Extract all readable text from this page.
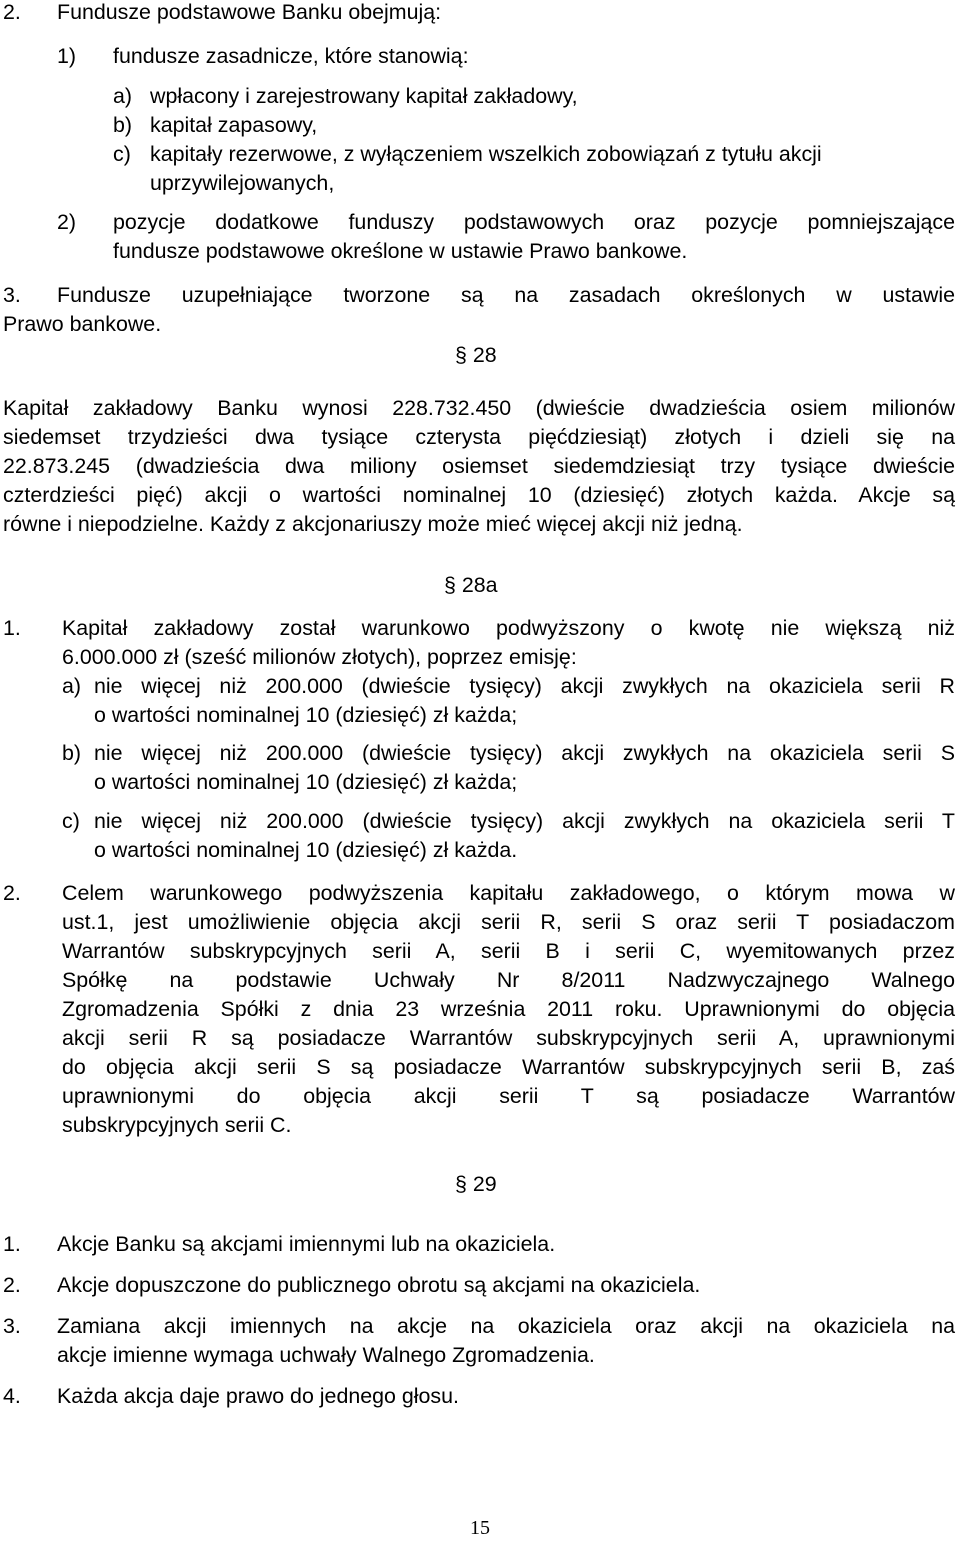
2. Fundusze podstawowe Banku obejmują:
1) fundusze zasadnicze, które stanowią:
a) wpłacony i zarejestrowany kapitał zakładowy,
b) kapitał zapasowy,
c) kapitały rezerwowe, z wyłączeniem wszelkich zobowiązań z tytułu akcji
uprzywilejowanych,
2) pozycje dodatkowe funduszy podstawowych oraz pozycje pomniejszające
fundusze podstawowe określone w ustawie Prawo bankowe.
3. Fundusze uzupełniające tworzone są na zasadach określonych w ustawie
Prawo bankowe.
§ 28
Kapitał zakładowy Banku wynosi 228.732.450 (dwieście dwadzieścia osiem milionów
siedemset trzydzieści dwa tysiące czterysta pięćdziesiąt) złotych i dzieli się na
22.873.245 (dwadzieścia dwa miliony osiemset siedemdziesiąt trzy tysiące dwieście
czterdzieści pięć) akcji o wartości nominalnej 10 (dziesięć) złotych każda. Akcje są
równe i niepodzielne. Każdy z akcjonariuszy może mieć więcej akcji niż jedną.
§ 28a
1. Kapitał zakładowy został warunkowo podwyższony o kwotę nie większą niż
6.000.000 zł (sześć milionów złotych), poprzez emisję:
a) nie więcej niż 200.000 (dwieście tysięcy) akcji zwykłych na okaziciela serii R
o wartości nominalnej 10 (dziesięć) zł każda;
b) nie więcej niż 200.000 (dwieście tysięcy) akcji zwykłych na okaziciela serii S
o wartości nominalnej 10 (dziesięć) zł każda;
c) nie więcej niż 200.000 (dwieście tysięcy) akcji zwykłych na okaziciela serii T
o wartości nominalnej 10 (dziesięć) zł każda.
2. Celem warunkowego podwyższenia kapitału zakładowego, o którym mowa w
ust.1, jest umożliwienie objęcia akcji serii R, serii S oraz serii T posiadaczom
Warrantów subskrypcyjnych serii A, serii B i serii C, wyemitowanych przez
Spółkę na podstawie Uchwały Nr 8/2011 Nadzwyczajnego Walnego
Zgromadzenia Spółki z dnia 23 września 2011 roku. Uprawnionymi do objęcia
akcji serii R są posiadacze Warrantów subskrypcyjnych serii A, uprawnionymi
do objęcia akcji serii S są posiadacze Warrantów subskrypcyjnych serii B, zaś
uprawnionymi do objęcia akcji serii T są posiadacze Warrantów
subskrypcyjnych serii C.
§ 29
1. Akcje Banku są akcjami imiennymi lub na okaziciela.
2. Akcje dopuszczone do publicznego obrotu są akcjami na okaziciela.
3. Zamiana akcji imiennych na akcje na okaziciela oraz akcji na okaziciela na
akcje imienne wymaga uchwały Walnego Zgromadzenia.
4. Każda akcja daje prawo do jednego głosu.
15
